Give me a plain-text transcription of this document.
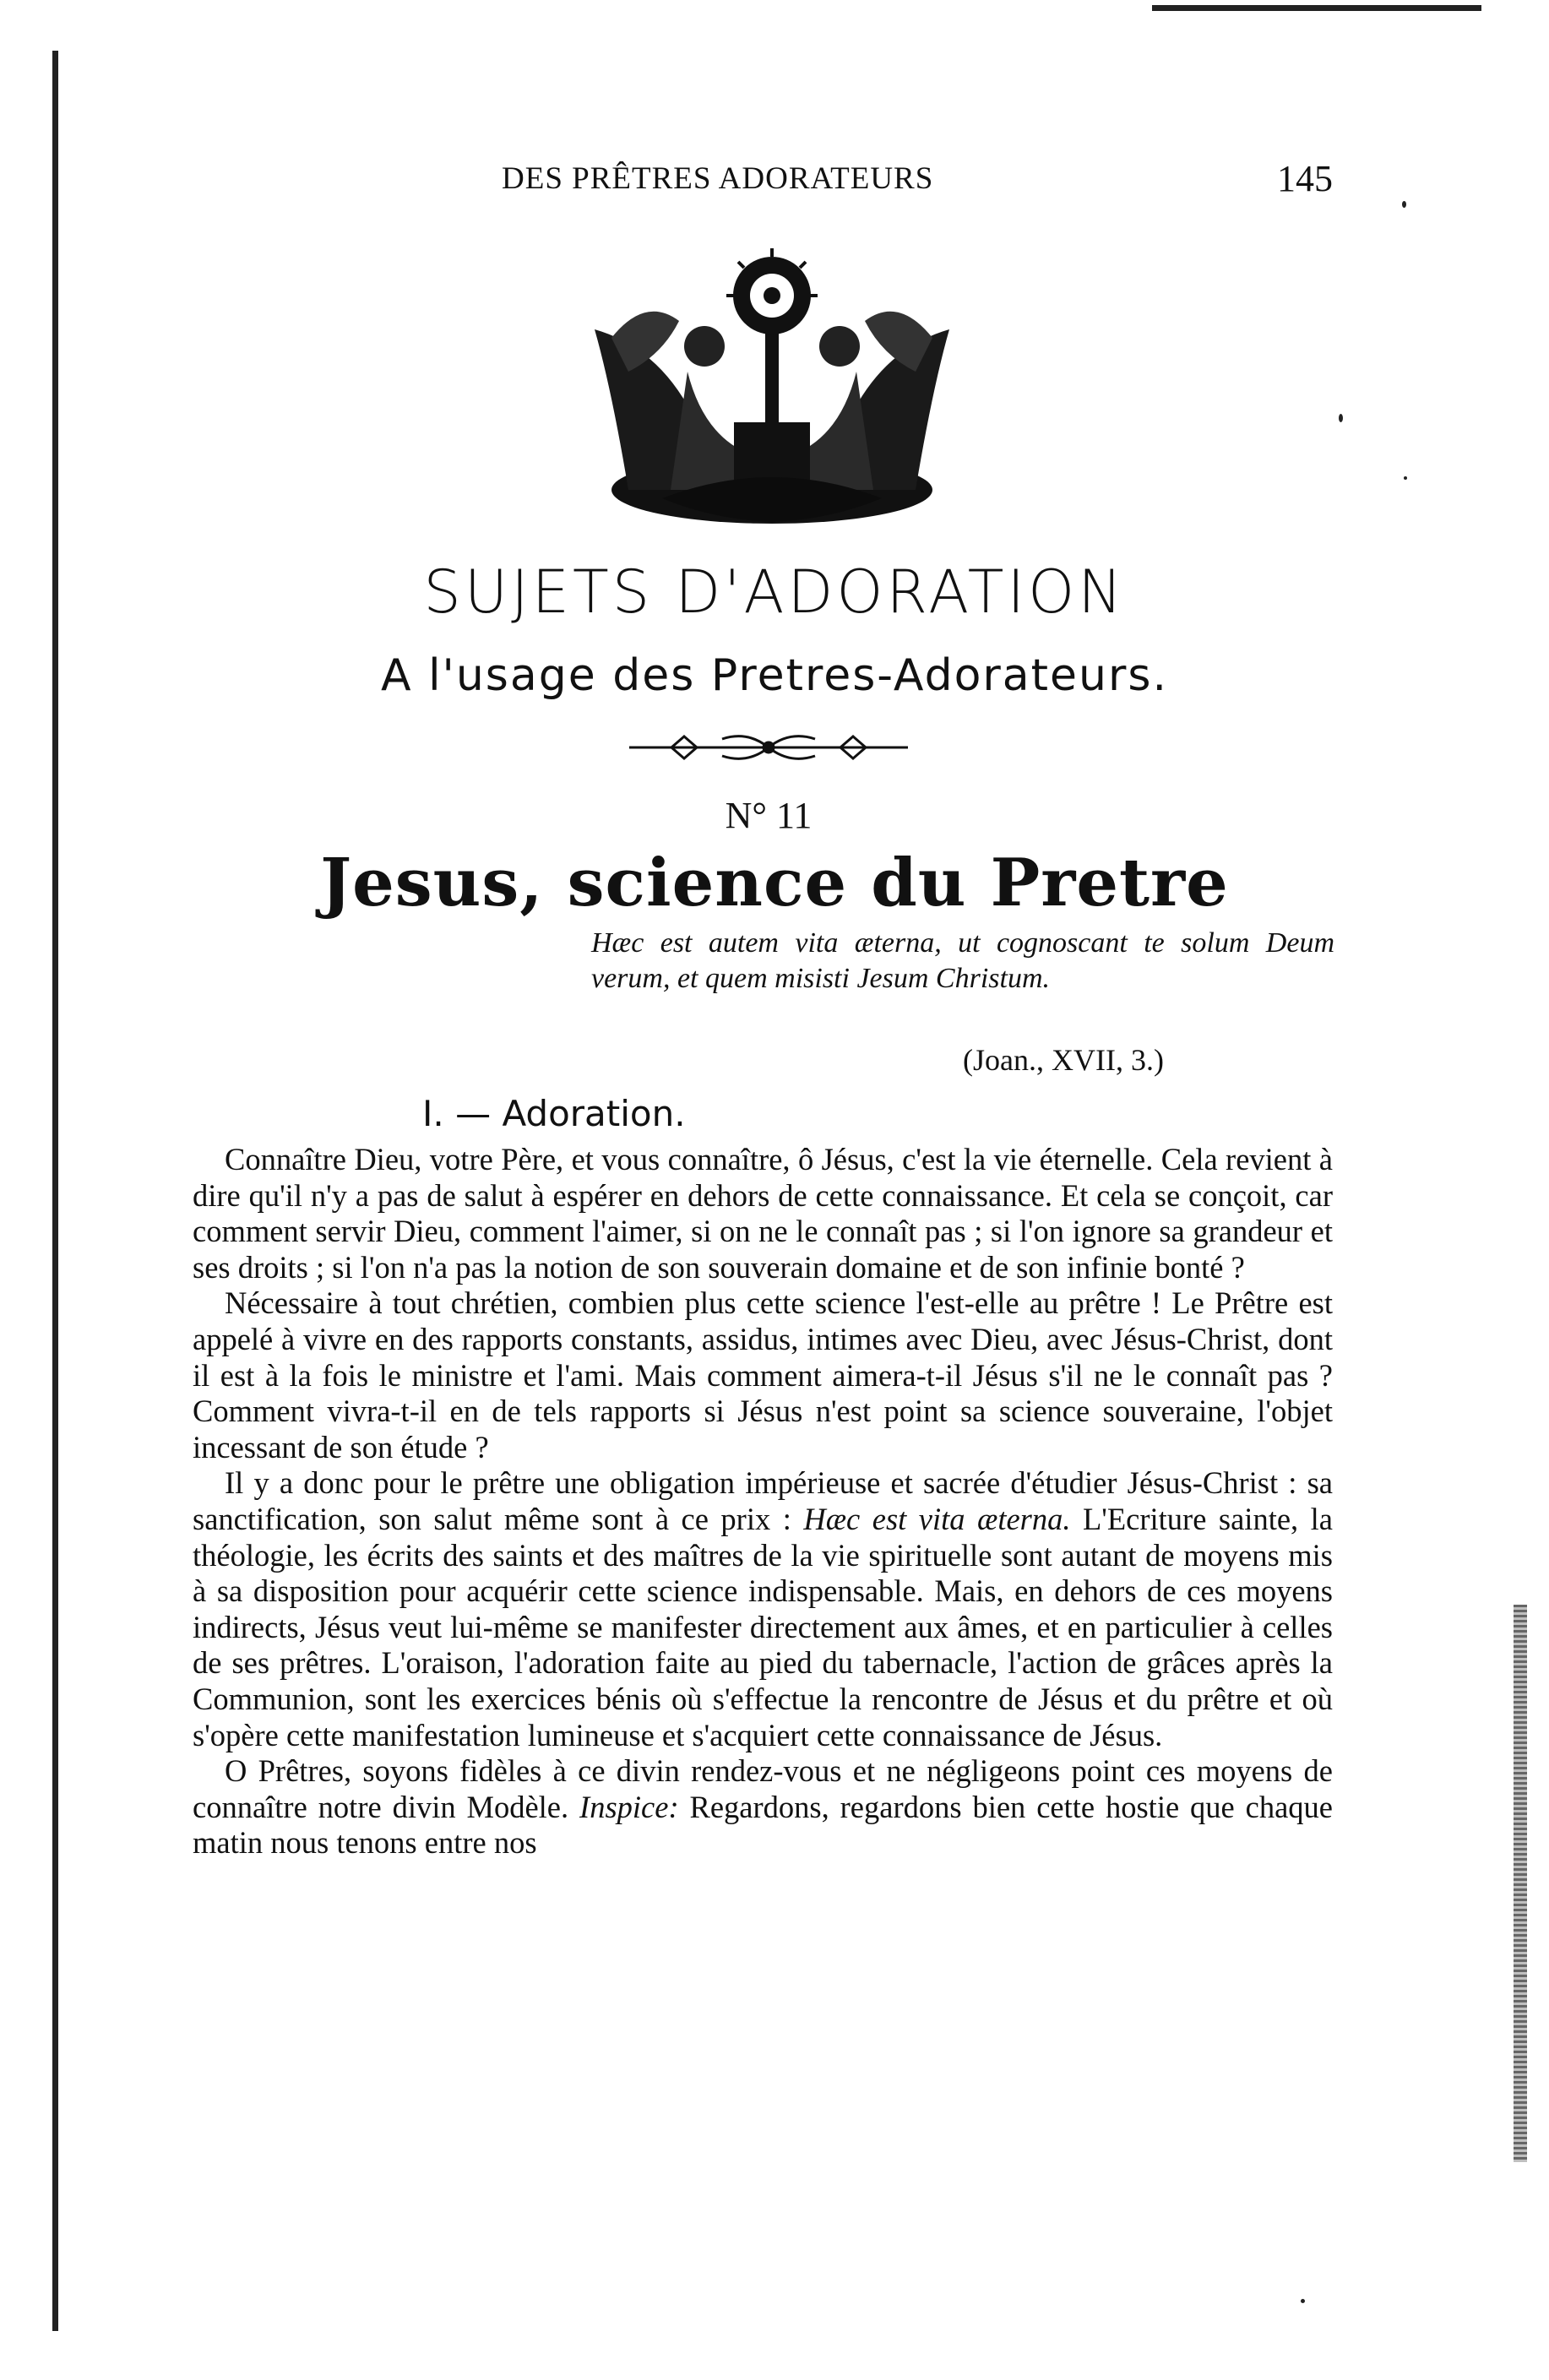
DES PRÊTRES ADORATEURS	145
SUJETS D'ADORATION
A l'usage des Pretres-Adorateurs.
N° 11
Jesus, science du Pretre
Hæc est autem vita æterna, ut cognoscant te solum Deum verum, et quem misisti Jesum Christum.
(Joan., XVII, 3.)
I. — Adoration.

Connaître Dieu, votre Père, et vous connaître, ô Jésus, c'est la vie éternelle. Cela revient à dire qu'il n'y a pas de salut à espérer en dehors de cette connaissance. Et cela se conçoit, car comment servir Dieu, comment l'aimer, si on ne le connaît pas ; si l'on ignore sa grandeur et ses droits ; si l'on n'a pas la notion de son souverain domaine et de son infinie bonté ?

Nécessaire à tout chrétien, combien plus cette science l'est-elle au prêtre ! Le Prêtre est appelé à vivre en des rapports constants, assidus, intimes avec Dieu, avec Jésus-Christ, dont il est à la fois le ministre et l'ami. Mais comment aimera-t-il Jésus s'il ne le connaît pas ? Comment vivra-t-il en de tels rapports si Jésus n'est point sa science souveraine, l'objet incessant de son étude ?

Il y a donc pour le prêtre une obligation impérieuse et sacrée d'étudier Jésus-Christ : sa sanctification, son salut même sont à ce prix : Hæc est vita æterna. L'Ecriture sainte, la théologie, les écrits des saints et des maîtres de la vie spirituelle sont autant de moyens mis à sa disposition pour acquérir cette science indispensable. Mais, en dehors de ces moyens indirects, Jésus veut lui-même se manifester directement aux âmes, et en particulier à celles de ses prêtres. L'oraison, l'adoration faite au pied du tabernacle, l'action de grâces après la Communion, sont les exercices bénis où s'effectue la rencontre de Jésus et du prêtre et où s'opère cette manifestation lumineuse et s'acquiert cette connaissance de Jésus.

O Prêtres, soyons fidèles à ce divin rendez-vous et ne négligeons point ces moyens de connaître notre divin Modèle. Inspice: Regardons, regardons bien cette hostie que chaque matin nous tenons entre nos
